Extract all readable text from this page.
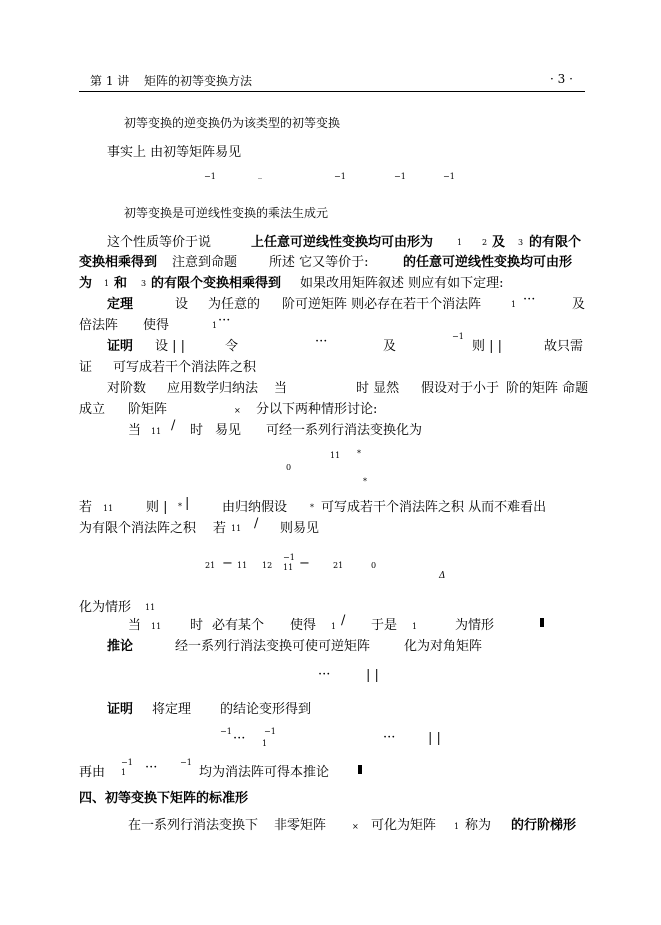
第 1 讲 矩阵的初等变换方法	· 3 ·
初等变换的逆变换仍为该类型的初等变换
事实上 由初等矩阵易见
−1	_	−1	−1	−1
初等变换是可逆线性变换的乘法生成元
这个性质等价于说	上任意可逆线性变换均可由形为	1 2 及 3 的有限个
变换相乘得到 注意到命题 所述 它又等价于:	的任意可逆线性变换均可由形
为 1 和 3 的有限个变换相乘得到 如果改用矩阵叙述 则应有如下定理:
定理	设 为任意的 阶可逆矩阵 则必存在若干个消法阵	1 ···	及
倍法阵 使得	1 ···
证明 设 | |	令	···	及
−1
则 | |	故只需
证 可写成若干个消法阵之积
对阶数 应用数学归纳法 当	时 显然 假设对于小于 阶的矩阵 命题
成立 阶矩阵	× 分以下两种情形讨论:
当 11 / 时 易见 可经一系列行消法变换化为
11 *
0
*
若 11	则 | * |	由归纳假设	* 可写成若干个消法阵之积 从而不难看出
为有限个消法阵之积 若 11 / 则易见
21 − 11 12
−1
11 −	21	0
Δ
化为情形 11
当 11 时 必有某个 使得 1 / 于是 1	为情形
推论	经一系列行消法变换可使可逆矩阵	化为对角矩阵
···	| |
证明 将定理 的结论变形得到
−1 ··· −1
1	···	| |
再由
−1
1 ···	−1
均为消法阵可得本推论
四、初等变换下矩阵的标准形
在一系列行消法变换下 非零矩阵	× 可化为矩阵 1 称为 的行阶梯形
